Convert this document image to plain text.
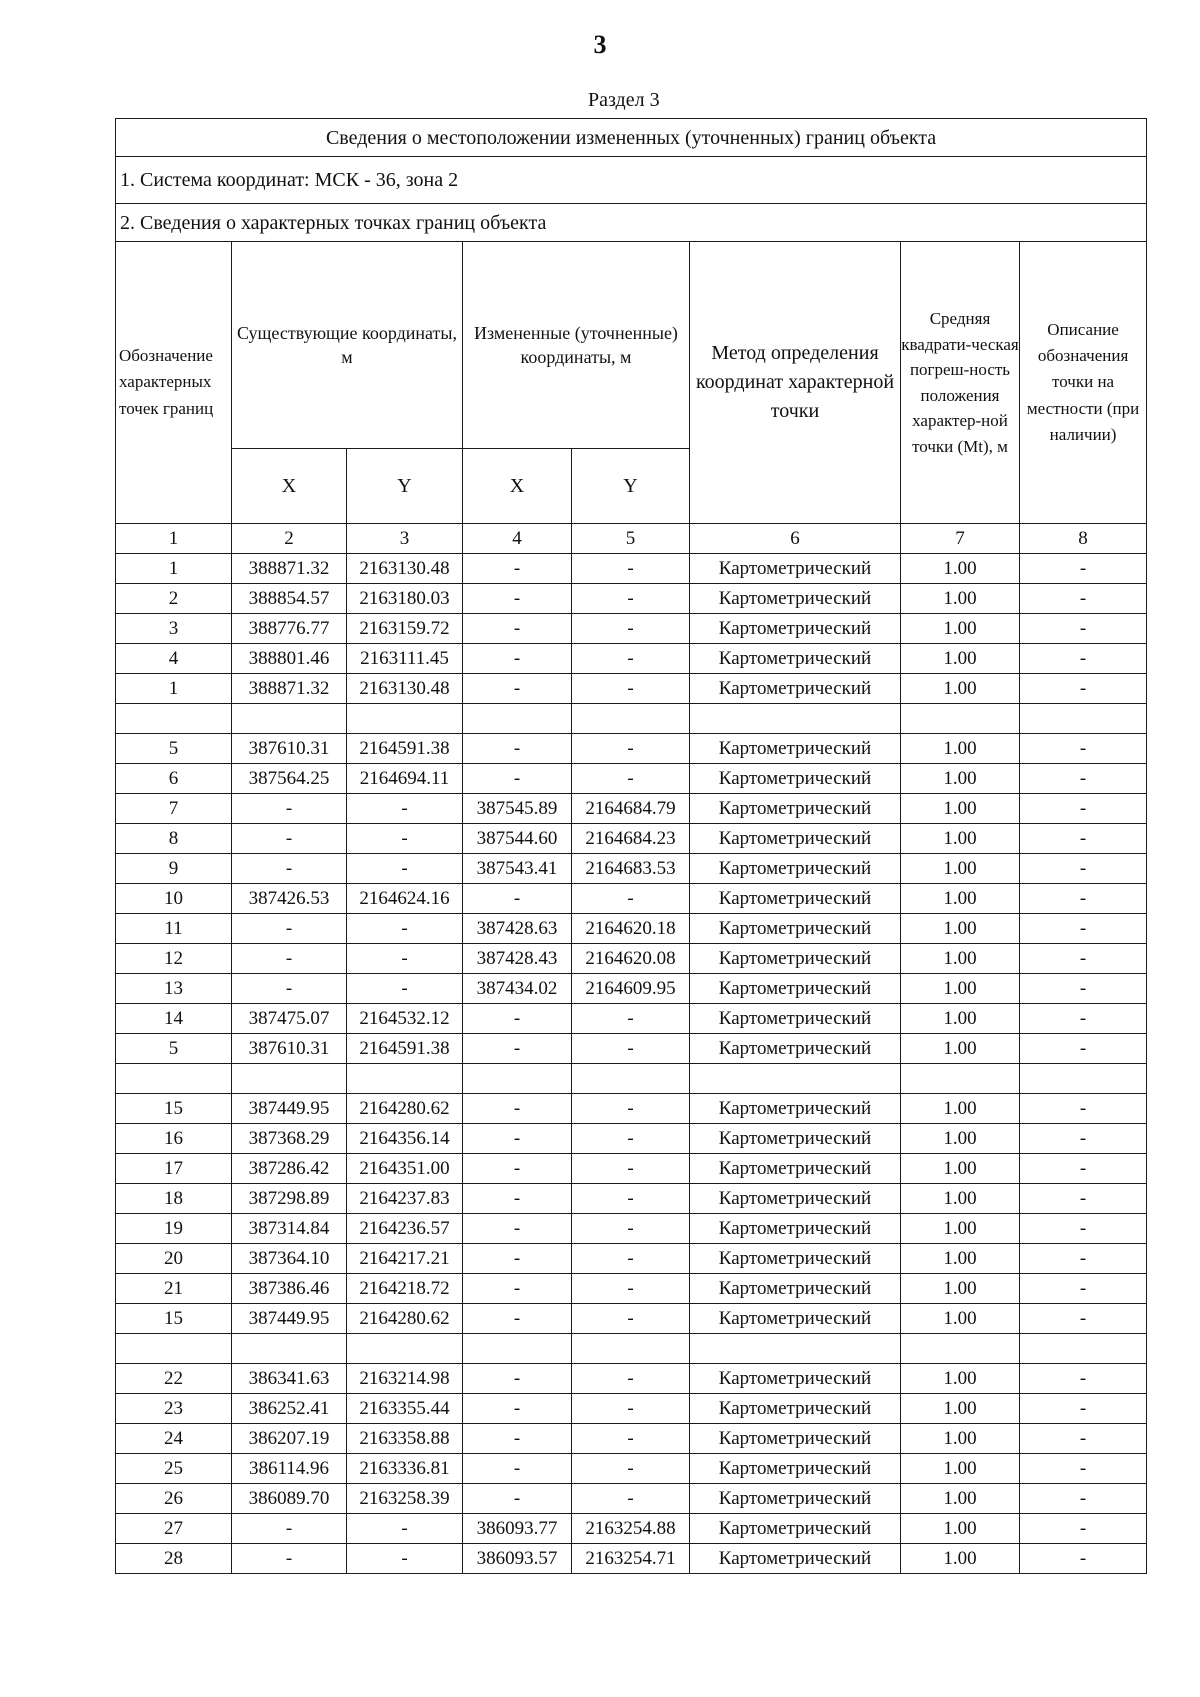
3
Раздел 3
Сведения о местоположении измененных (уточненных) границ объекта							
1. Система координат: МСК - 36, зона 2							
2. Сведения о характерных точках границ объекта							
Обозначение характерных точек границ	Существующие координаты, м		Измененные (уточненные) координаты, м		Метод определения координат характерной точки	Средняя квадрати-ческая погреш-ность положения характер-ной точки (Mt), м	Описание обозначения точки на местности (при наличии)
	X	Y	X	Y			
1	2	3	4	5	6	7	8
1	388871.32	2163130.48	-	-	Картометрический	1.00	-
2	388854.57	2163180.03	-	-	Картометрический	1.00	-
3	388776.77	2163159.72	-	-	Картометрический	1.00	-
4	388801.46	2163111.45	-	-	Картометрический	1.00	-
1	388871.32	2163130.48	-	-	Картометрический	1.00	-

5	387610.31	2164591.38	-	-	Картометрический	1.00	-
6	387564.25	2164694.11	-	-	Картометрический	1.00	-
7	-	-	387545.89	2164684.79	Картометрический	1.00	-
8	-	-	387544.60	2164684.23	Картометрический	1.00	-
9	-	-	387543.41	2164683.53	Картометрический	1.00	-
10	387426.53	2164624.16	-	-	Картометрический	1.00	-
11	-	-	387428.63	2164620.18	Картометрический	1.00	-
12	-	-	387428.43	2164620.08	Картометрический	1.00	-
13	-	-	387434.02	2164609.95	Картометрический	1.00	-
14	387475.07	2164532.12	-	-	Картометрический	1.00	-
5	387610.31	2164591.38	-	-	Картометрический	1.00	-

15	387449.95	2164280.62	-	-	Картометрический	1.00	-
16	387368.29	2164356.14	-	-	Картометрический	1.00	-
17	387286.42	2164351.00	-	-	Картометрический	1.00	-
18	387298.89	2164237.83	-	-	Картометрический	1.00	-
19	387314.84	2164236.57	-	-	Картометрический	1.00	-
20	387364.10	2164217.21	-	-	Картометрический	1.00	-
21	387386.46	2164218.72	-	-	Картометрический	1.00	-
15	387449.95	2164280.62	-	-	Картометрический	1.00	-

22	386341.63	2163214.98	-	-	Картометрический	1.00	-
23	386252.41	2163355.44	-	-	Картометрический	1.00	-
24	386207.19	2163358.88	-	-	Картометрический	1.00	-
25	386114.96	2163336.81	-	-	Картометрический	1.00	-
26	386089.70	2163258.39	-	-	Картометрический	1.00	-
27	-	-	386093.77	2163254.88	Картометрический	1.00	-
28	-	-	386093.57	2163254.71	Картометрический	1.00	-
